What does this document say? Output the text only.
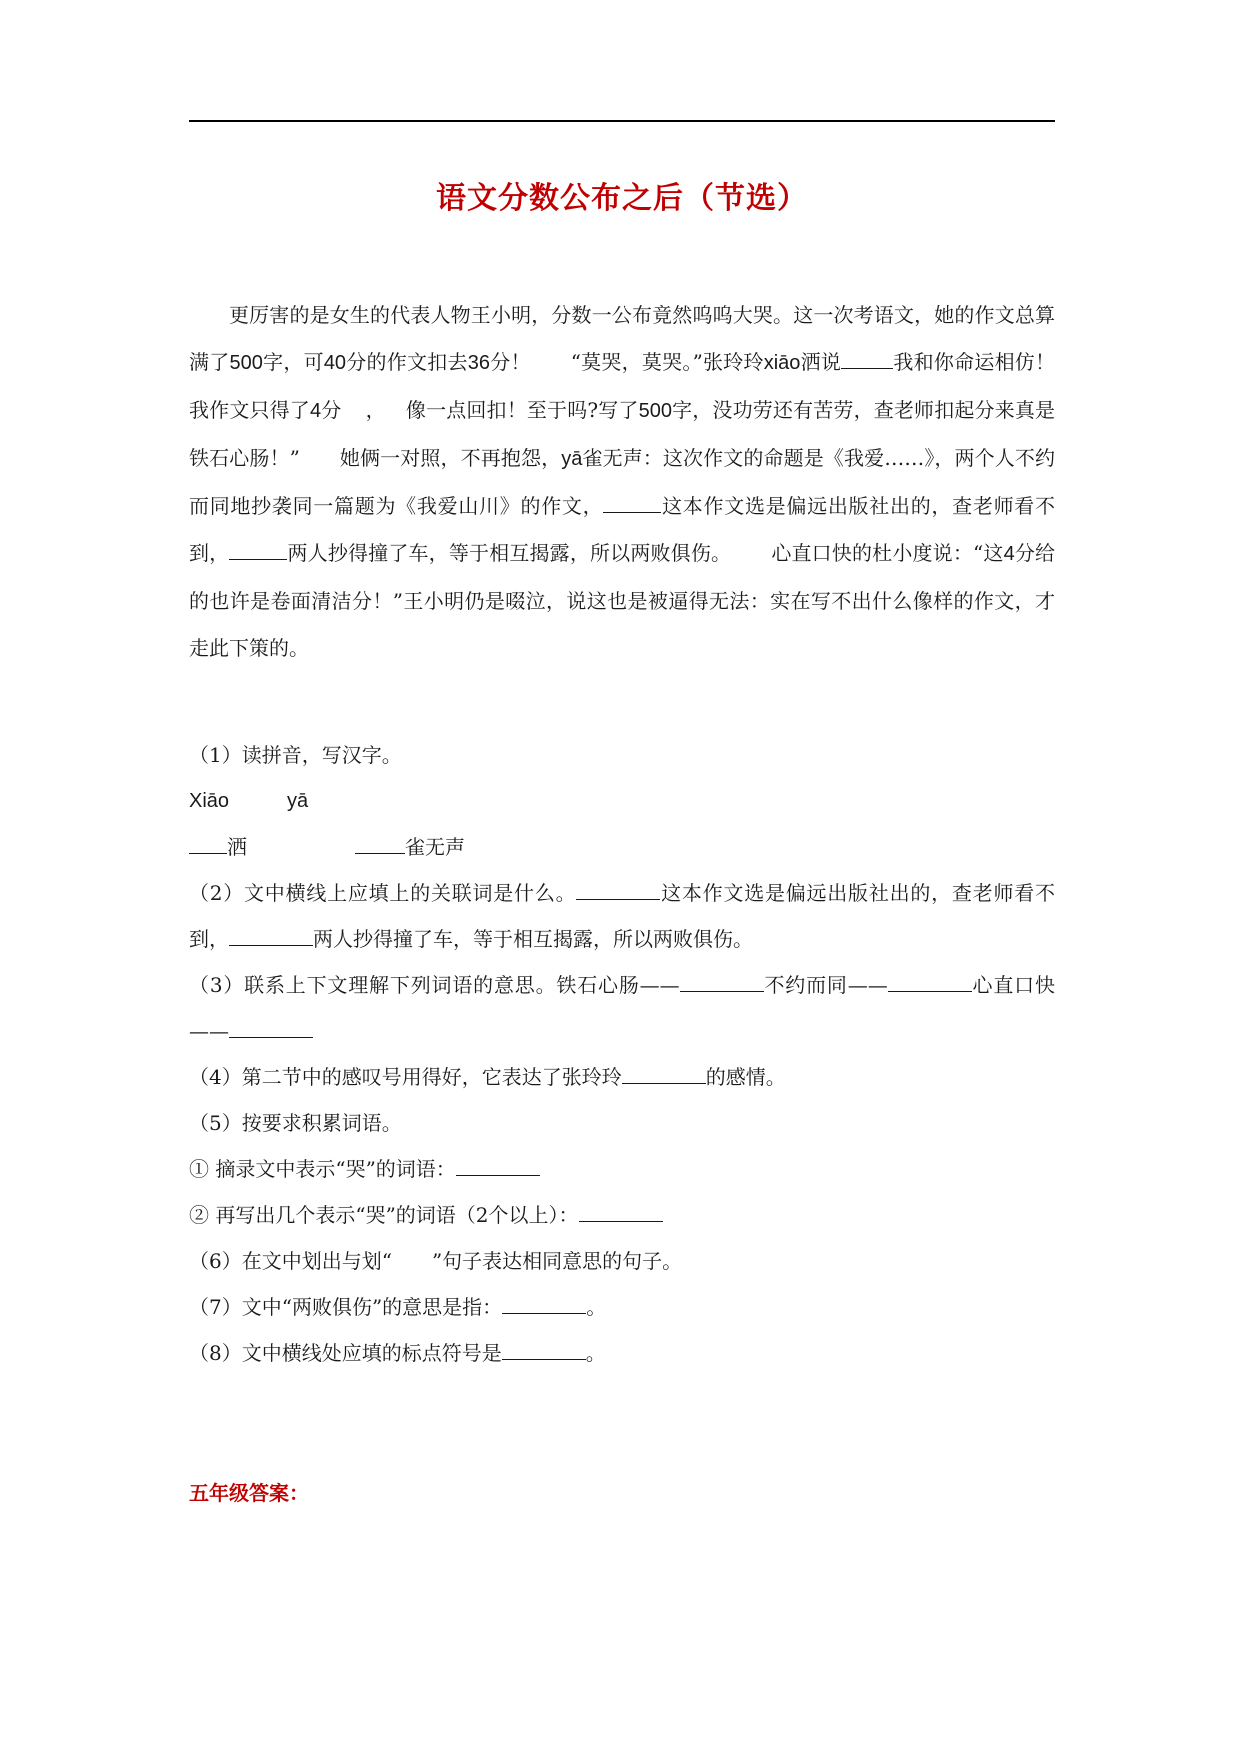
语文分数公布之后（节选）

更厉害的是女生的代表人物王小明，分数一公布竟然呜呜大哭。这一次考语文，她的作文总算满了500字，可40分的作文扣去36分！ “莫哭，莫哭。”张玲玲xiāo洒说	我和你命运相仿！我作文只得了4分 ， 像一点回扣！至于吗?写了500字，没功劳还有苦劳，查老师扣起分来真是铁石心肠！” 她俩一对照，不再抱怨，yā雀无声：这次作文的命题是《我爱……》，两个人不约而同地抄袭同一篇题为《我爱山川》的作文，	这本作文选是偏远出版社出的，查老师看不到，	两人抄得撞了车，等于相互揭露，所以两败俱伤。 心直口快的杜小度说：“这4分给的也许是卷面清洁分！”王小明仍是啜泣，说这也是被逼得无法：实在写不出什么像样的作文，才走此下策的。

（1）读拼音，写汉字。

Xiāo	yā

洒	雀无声

（2）文中横线上应填上的关联词是什么。	这本作文选是偏远出版社出的，查老师看不到，	两人抄得撞了车，等于相互揭露，所以两败俱伤。

（3）联系上下文理解下列词语的意思。铁石心肠——	不约而同——	心直口快——

（4）第二节中的感叹号用得好，它表达了张玲玲	的感情。

（5）按要求积累词语。

① 摘录文中表示“哭”的词语：

② 再写出几个表示“哭”的词语（2个以上）：

（6）在文中划出与划“　　”句子表达相同意思的句子。

（7）文中“两败俱伤”的意思是指：	。

（8）文中横线处应填的标点符号是	。

五年级答案：
